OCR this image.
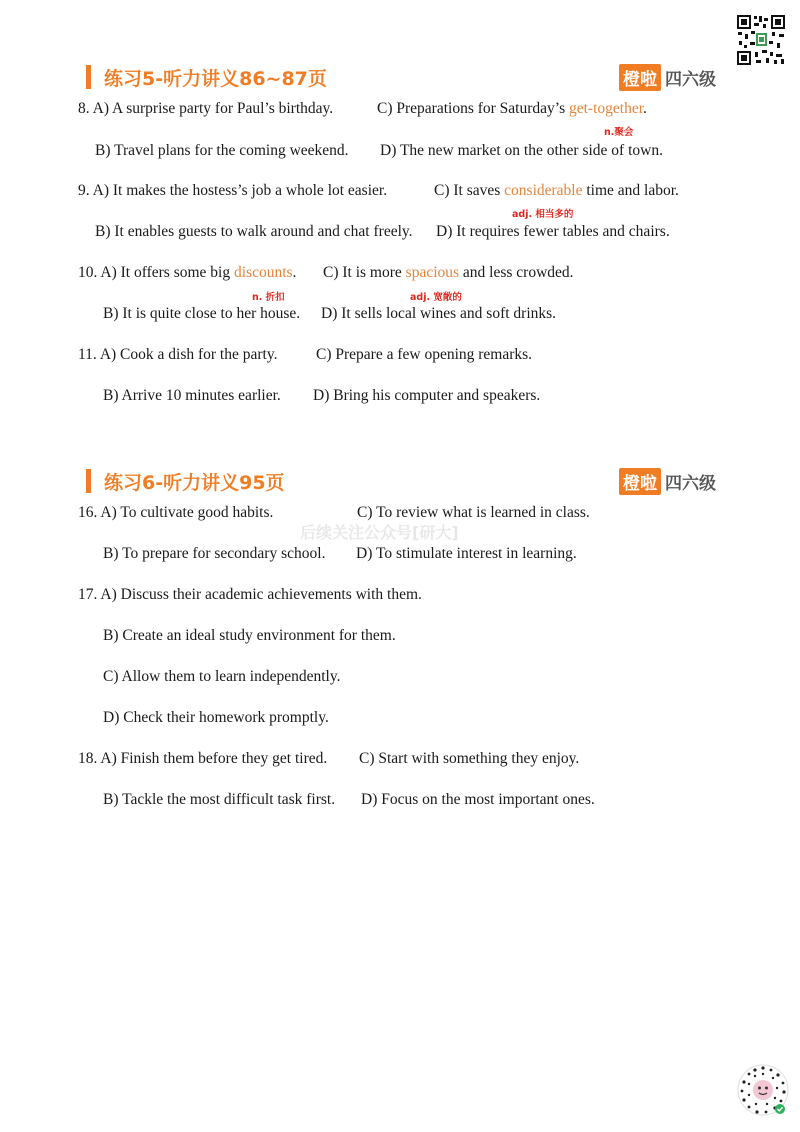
练习5-听力讲义86~87页	橙啦 四六级
8. A) A surprise party for Paul’s birthday.	C) Preparations for Saturday’s get-together.
n.聚会
B) Travel plans for the coming weekend. D) The new market on the other side of town.
9. A) It makes the hostess’s job a whole lot easier.	C) It saves considerable time and labor.
adj. 相当多的
B) It enables guests to walk around and chat freely. D) It requires fewer tables and chairs.
10. A) It offers some big discounts. C) It is more spacious and less crowded.
n. 折扣	adj. 宽敞的
B) It is quite close to her house. D) It sells local wines and soft drinks.
11. A) Cook a dish for the party. C) Prepare a few opening remarks.
B) Arrive 10 minutes earlier. D) Bring his computer and speakers.
练习6-听力讲义95页	橙啦 四六级
后续关注公众号[研大]
16. A) To cultivate good habits.	C) To review what is learned in class.
B) To prepare for secondary school. D) To stimulate interest in learning.
17. A) Discuss their academic achievements with them.
B) Create an ideal study environment for them.
C) Allow them to learn independently.
D) Check their homework promptly.
18. A) Finish them before they get tired. C) Start with something they enjoy.
B) Tackle the most difficult task first. D) Focus on the most important ones.
